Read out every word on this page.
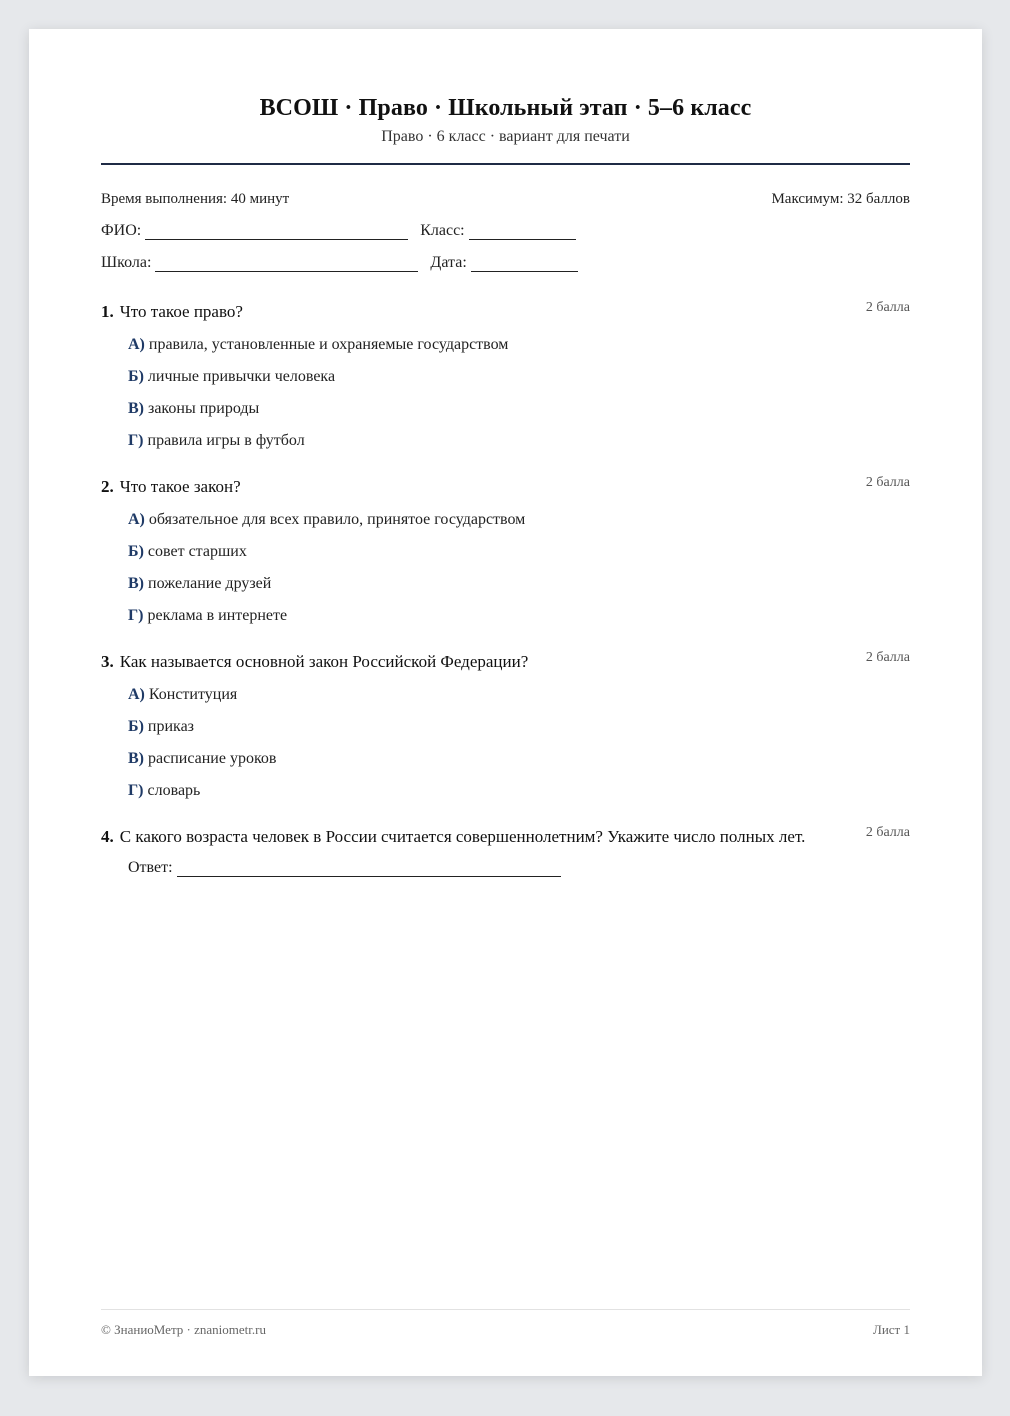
ВСОШ · Право · Школьный этап · 5–6 класс
Право · 6 класс · вариант для печати
Время выполнения: 40 минут	Максимум: 32 баллов
ФИО:	Класс:
Школа:	Дата:
1. Что такое право?	2 балла
А) правила, установленные и охраняемые государством
Б) личные привычки человека
В) законы природы
Г) правила игры в футбол
2. Что такое закон?	2 балла
А) обязательное для всех правило, принятое государством
Б) совет старших
В) пожелание друзей
Г) реклама в интернете
3. Как называется основной закон Российской Федерации?	2 балла
А) Конституция
Б) приказ
В) расписание уроков
Г) словарь
4. С какого возраста человек в России считается совершеннолетним? Укажите число полных лет.	2 балла
Ответ:
© ЗнаниоМетр · znaniometr.ru	Лист 1
